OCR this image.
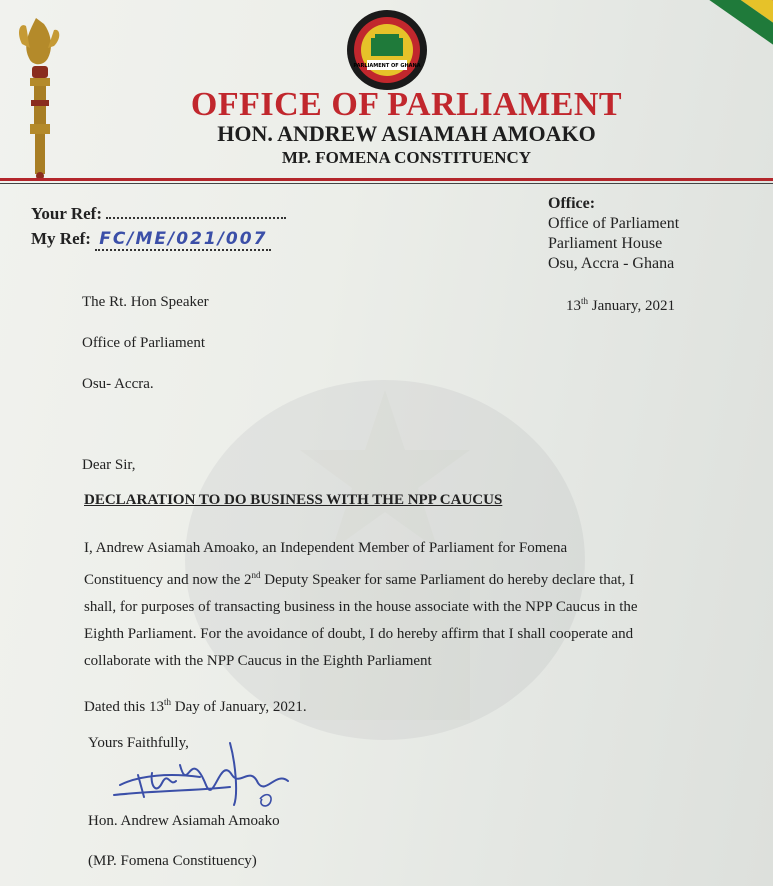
PARLIAMENT OF GHANA
OFFICE OF PARLIAMENT
HON. ANDREW ASIAMAH AMOAKO
MP. FOMENA CONSTITUENCY
Your Ref:
My Ref: FC/ME/021/007
Office:
Office of Parliament
Parliament House
Osu, Accra - Ghana
13th January, 2021
The Rt. Hon Speaker
Office of Parliament
Osu- Accra.
Dear Sir,
DECLARATION TO DO BUSINESS WITH THE NPP CAUCUS
I, Andrew Asiamah Amoako, an Independent Member of Parliament for Fomena
Constituency and now the 2nd Deputy Speaker for same Parliament do hereby declare that, I
shall, for purposes of transacting business in the house associate with the NPP Caucus in the
Eighth Parliament. For the avoidance of doubt, I do hereby affirm that I shall cooperate and
collaborate with the NPP Caucus in the Eighth Parliament
Dated this 13th Day of January, 2021.
Yours Faithfully,
Hon. Andrew Asiamah Amoako
(MP. Fomena Constituency)
